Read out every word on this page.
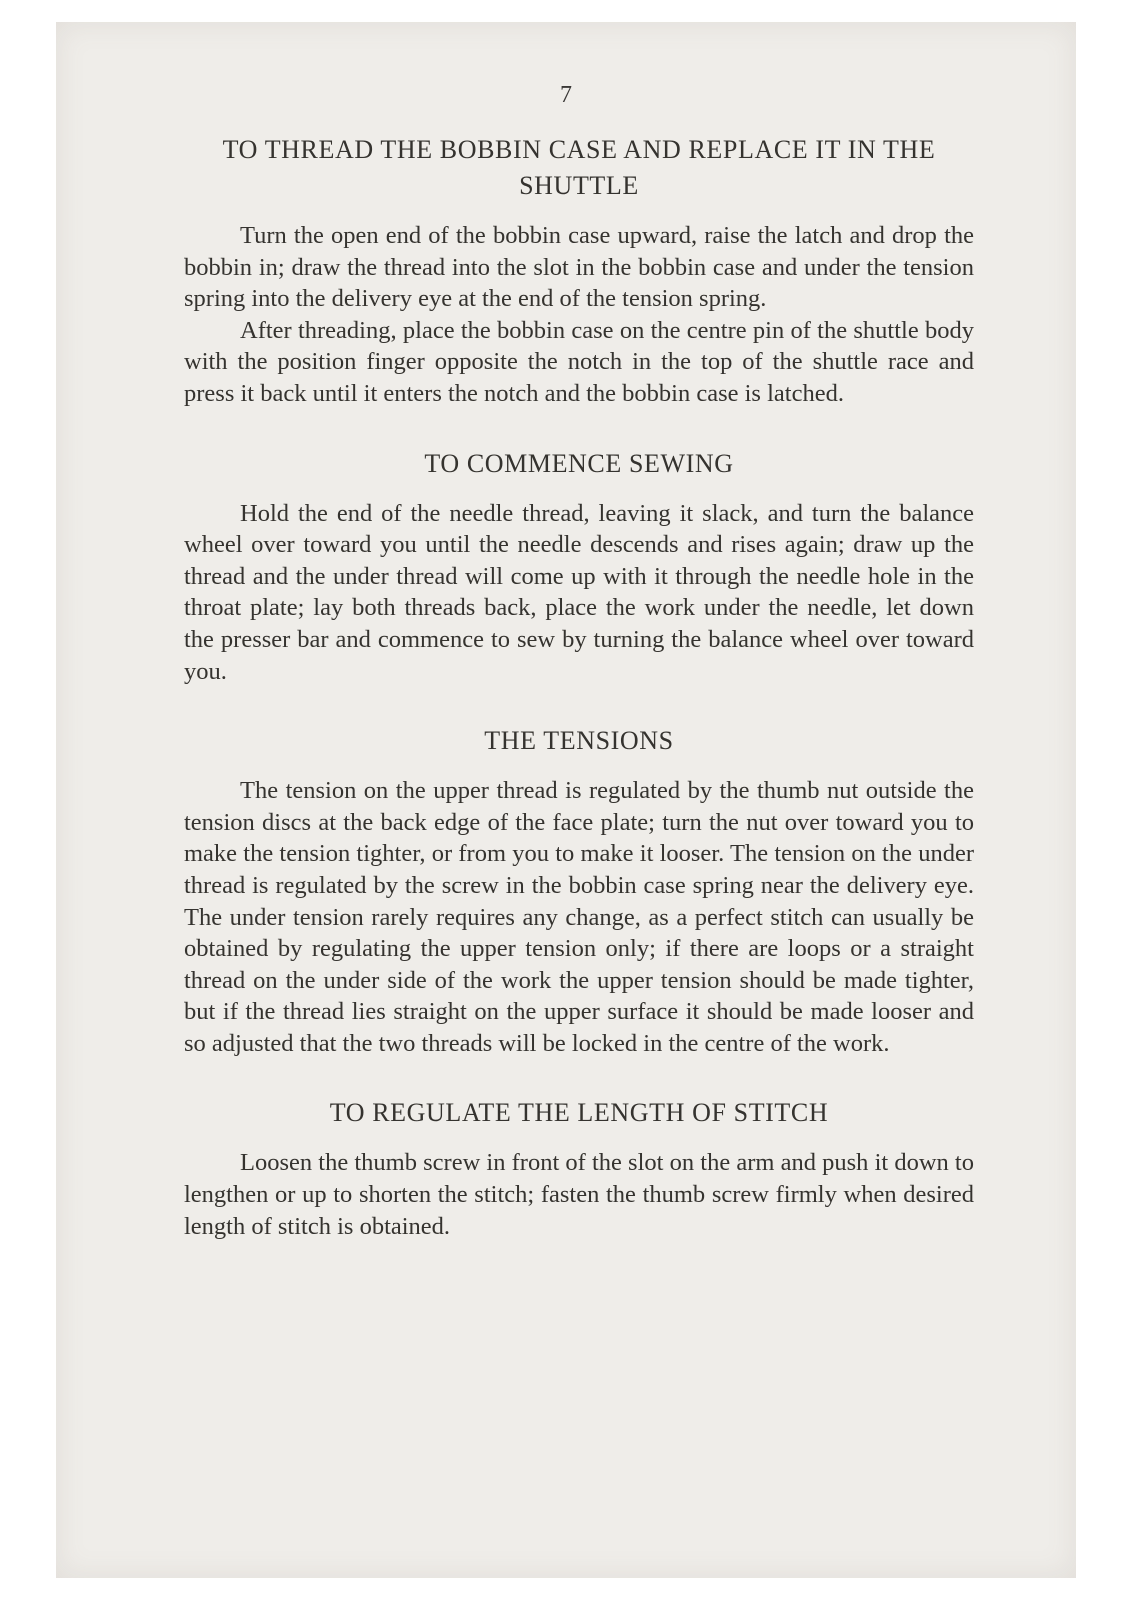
7
TO THREAD THE BOBBIN CASE AND REPLACE IT IN THE SHUTTLE

Turn the open end of the bobbin case upward, raise the latch and drop the bobbin in; draw the thread into the slot in the bobbin case and under the tension spring into the delivery eye at the end of the tension spring.

After threading, place the bobbin case on the centre pin of the shuttle body with the position finger opposite the notch in the top of the shuttle race and press it back until it enters the notch and the bobbin case is latched.

TO COMMENCE SEWING

Hold the end of the needle thread, leaving it slack, and turn the balance wheel over toward you until the needle descends and rises again; draw up the thread and the under thread will come up with it through the needle hole in the throat plate; lay both threads back, place the work under the needle, let down the presser bar and commence to sew by turning the balance wheel over toward you.

THE TENSIONS

The tension on the upper thread is regulated by the thumb nut outside the tension discs at the back edge of the face plate; turn the nut over toward you to make the tension tighter, or from you to make it looser. The tension on the under thread is regulated by the screw in the bobbin case spring near the delivery eye. The under tension rarely requires any change, as a perfect stitch can usually be obtained by regulating the upper tension only; if there are loops or a straight thread on the under side of the work the upper tension should be made tighter, but if the thread lies straight on the upper surface it should be made looser and so adjusted that the two threads will be locked in the centre of the work.

TO REGULATE THE LENGTH OF STITCH

Loosen the thumb screw in front of the slot on the arm and push it down to lengthen or up to shorten the stitch; fasten the thumb screw firmly when desired length of stitch is obtained.
